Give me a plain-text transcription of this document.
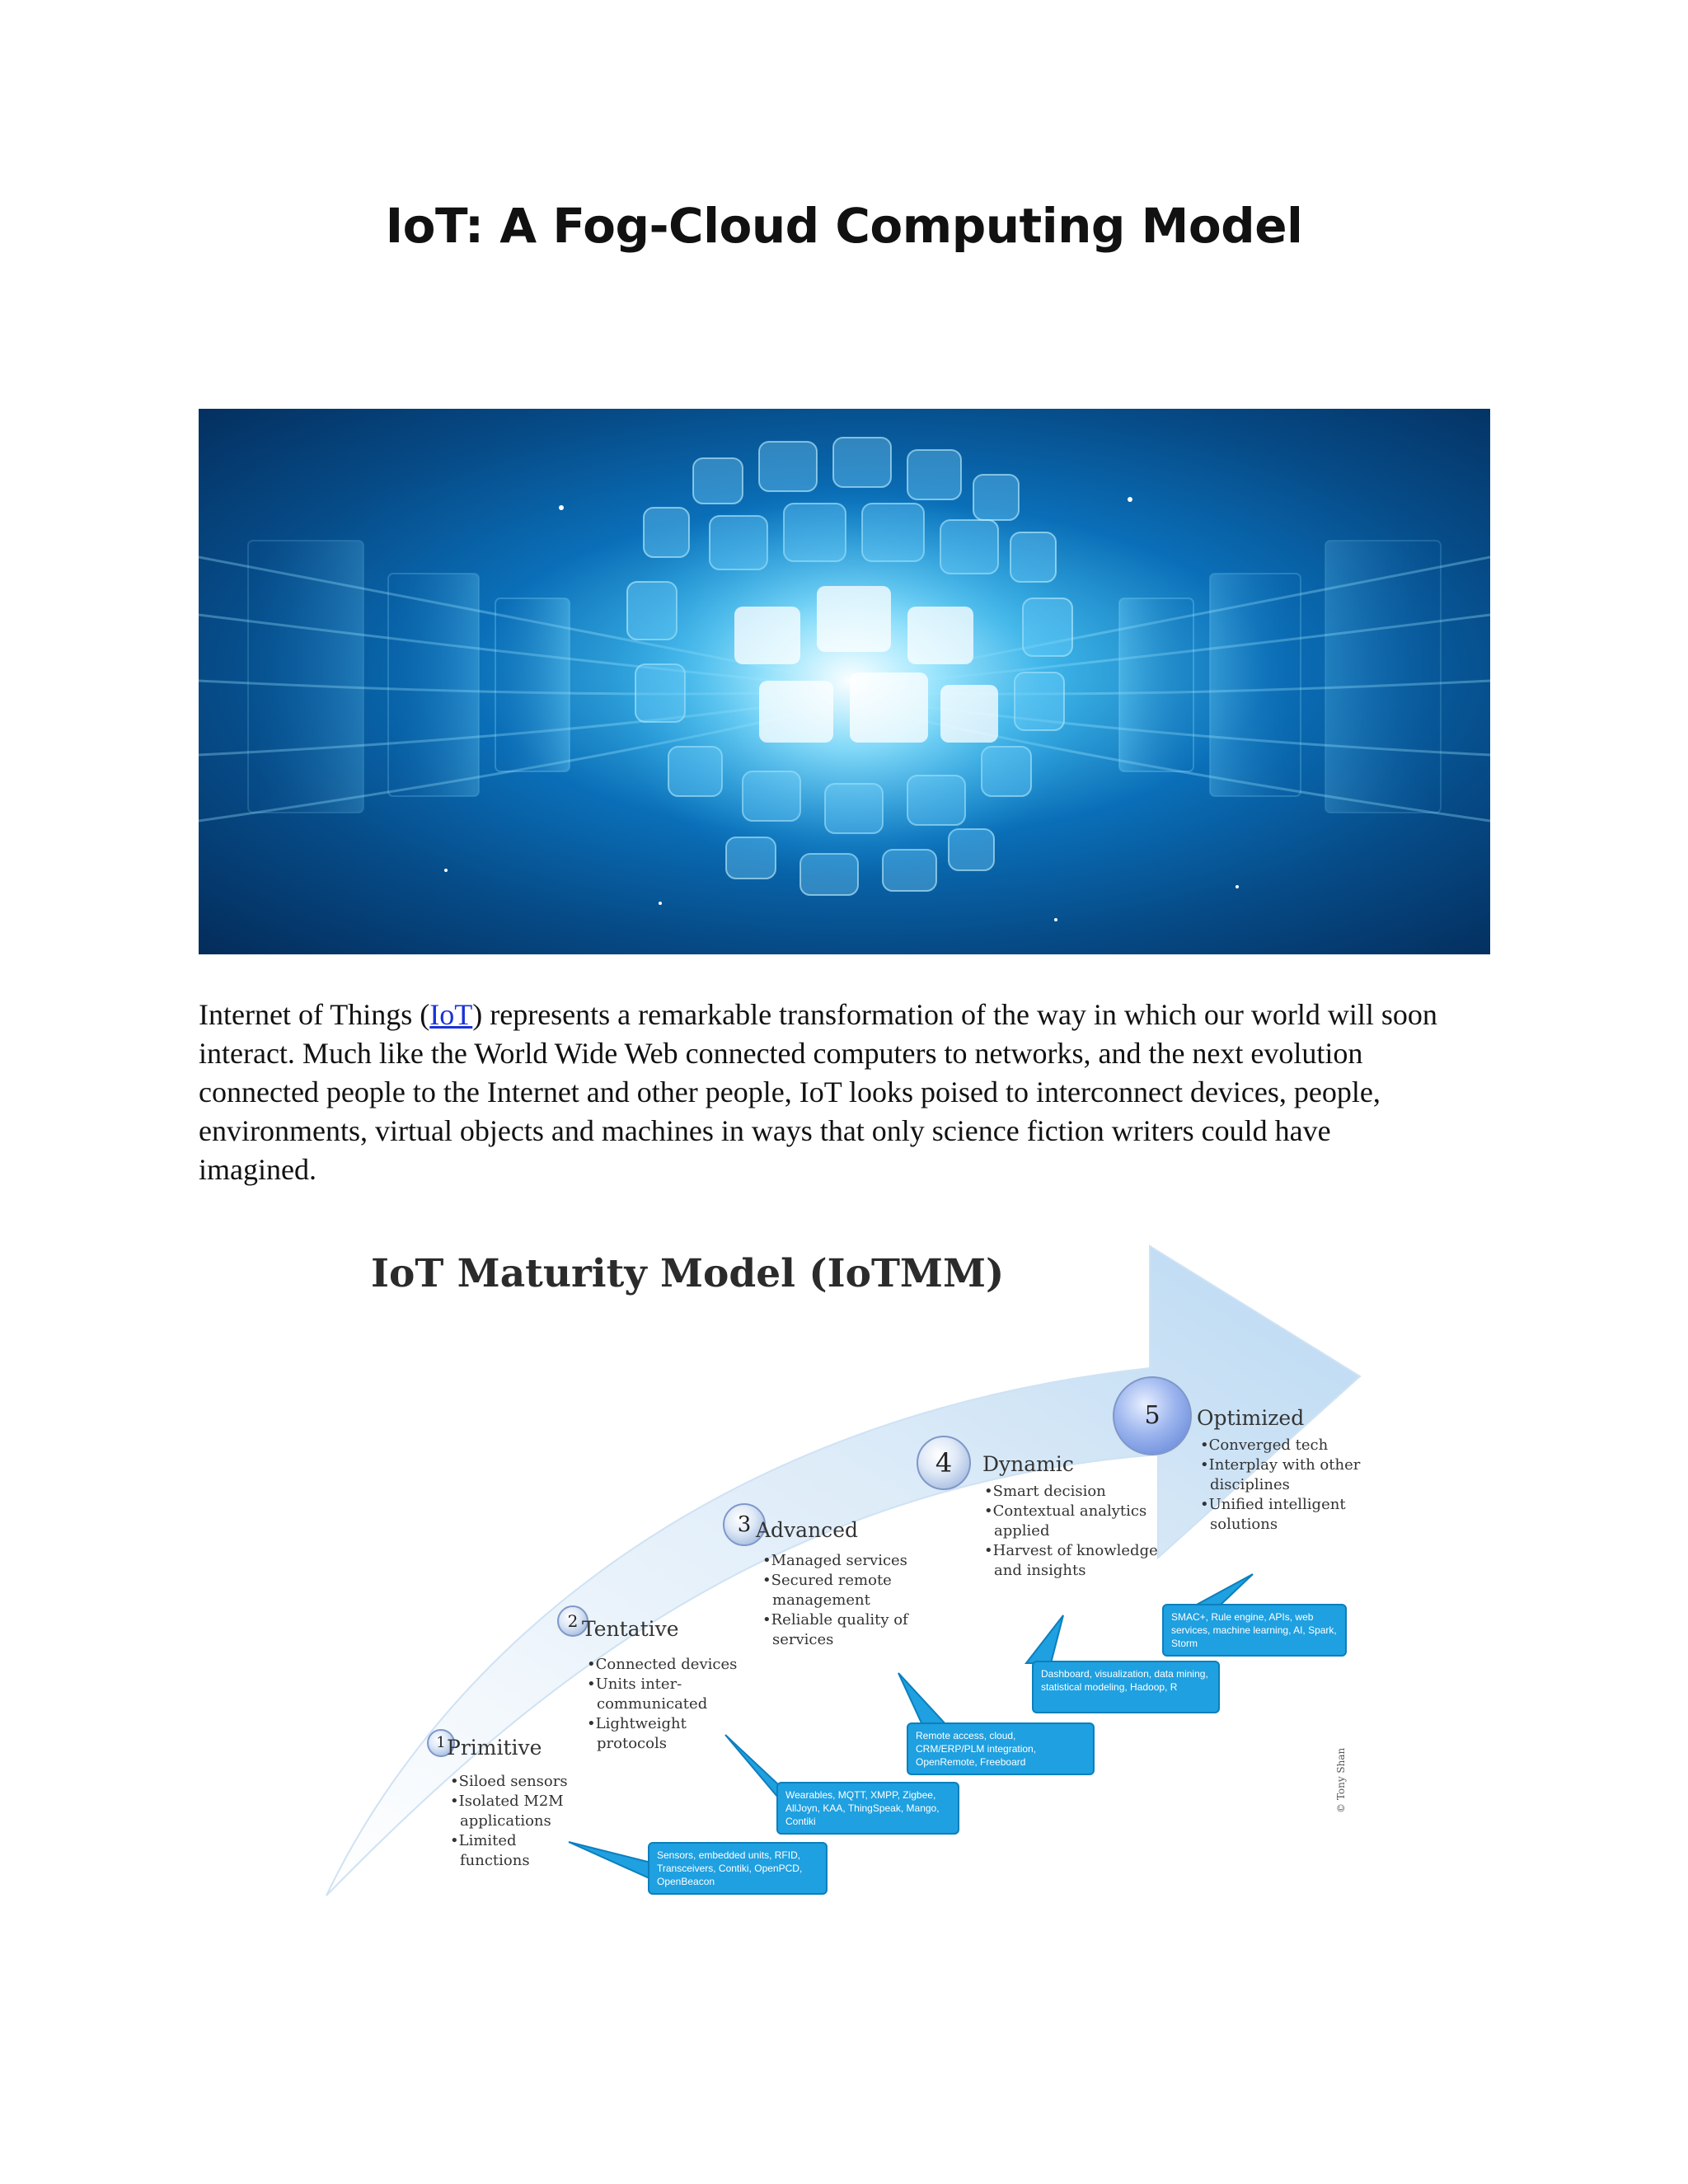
IoT: A Fog-Cloud Computing Model

Internet of Things (IoT) represents a remarkable transformation of the way in which our world will soon interact. Much like the World Wide Web connected computers to networks, and the next evolution connected people to the Internet and other people, IoT looks poised to interconnect devices, people, environments, virtual objects and machines in ways that only science fiction writers could have imagined.

IoT Maturity Model (IoTMM)
1 Primitive
•Siloed sensors
•Isolated M2M applications
•Limited functions	Sensors, embedded units, RFID, Transceivers, Contiki, OpenPCD, OpenBeacon
2 Tentative
•Connected devices
•Units inter-communicated
•Lightweight protocols
Wearables, MQTT, XMPP, Zigbee, AllJoyn, KAA, ThingSpeak, Mango, Contiki
3 Advanced
•Managed services
•Secured remote management
•Reliable quality of services
Remote access, cloud, CRM/ERP/PLM integration, OpenRemote, Freeboard
4	Dynamic
•Smart decision
•Contextual analytics applied
•Harvest of knowledge and insights
Dashboard, visualization, data mining, statistical modeling, Hadoop, R
5	Optimized
•Converged tech
•Interplay with other disciplines
•Unified intelligent solutions
SMAC+, Rule engine, APIs, web services, machine learning, AI, Spark, Storm
© Tony Shan
